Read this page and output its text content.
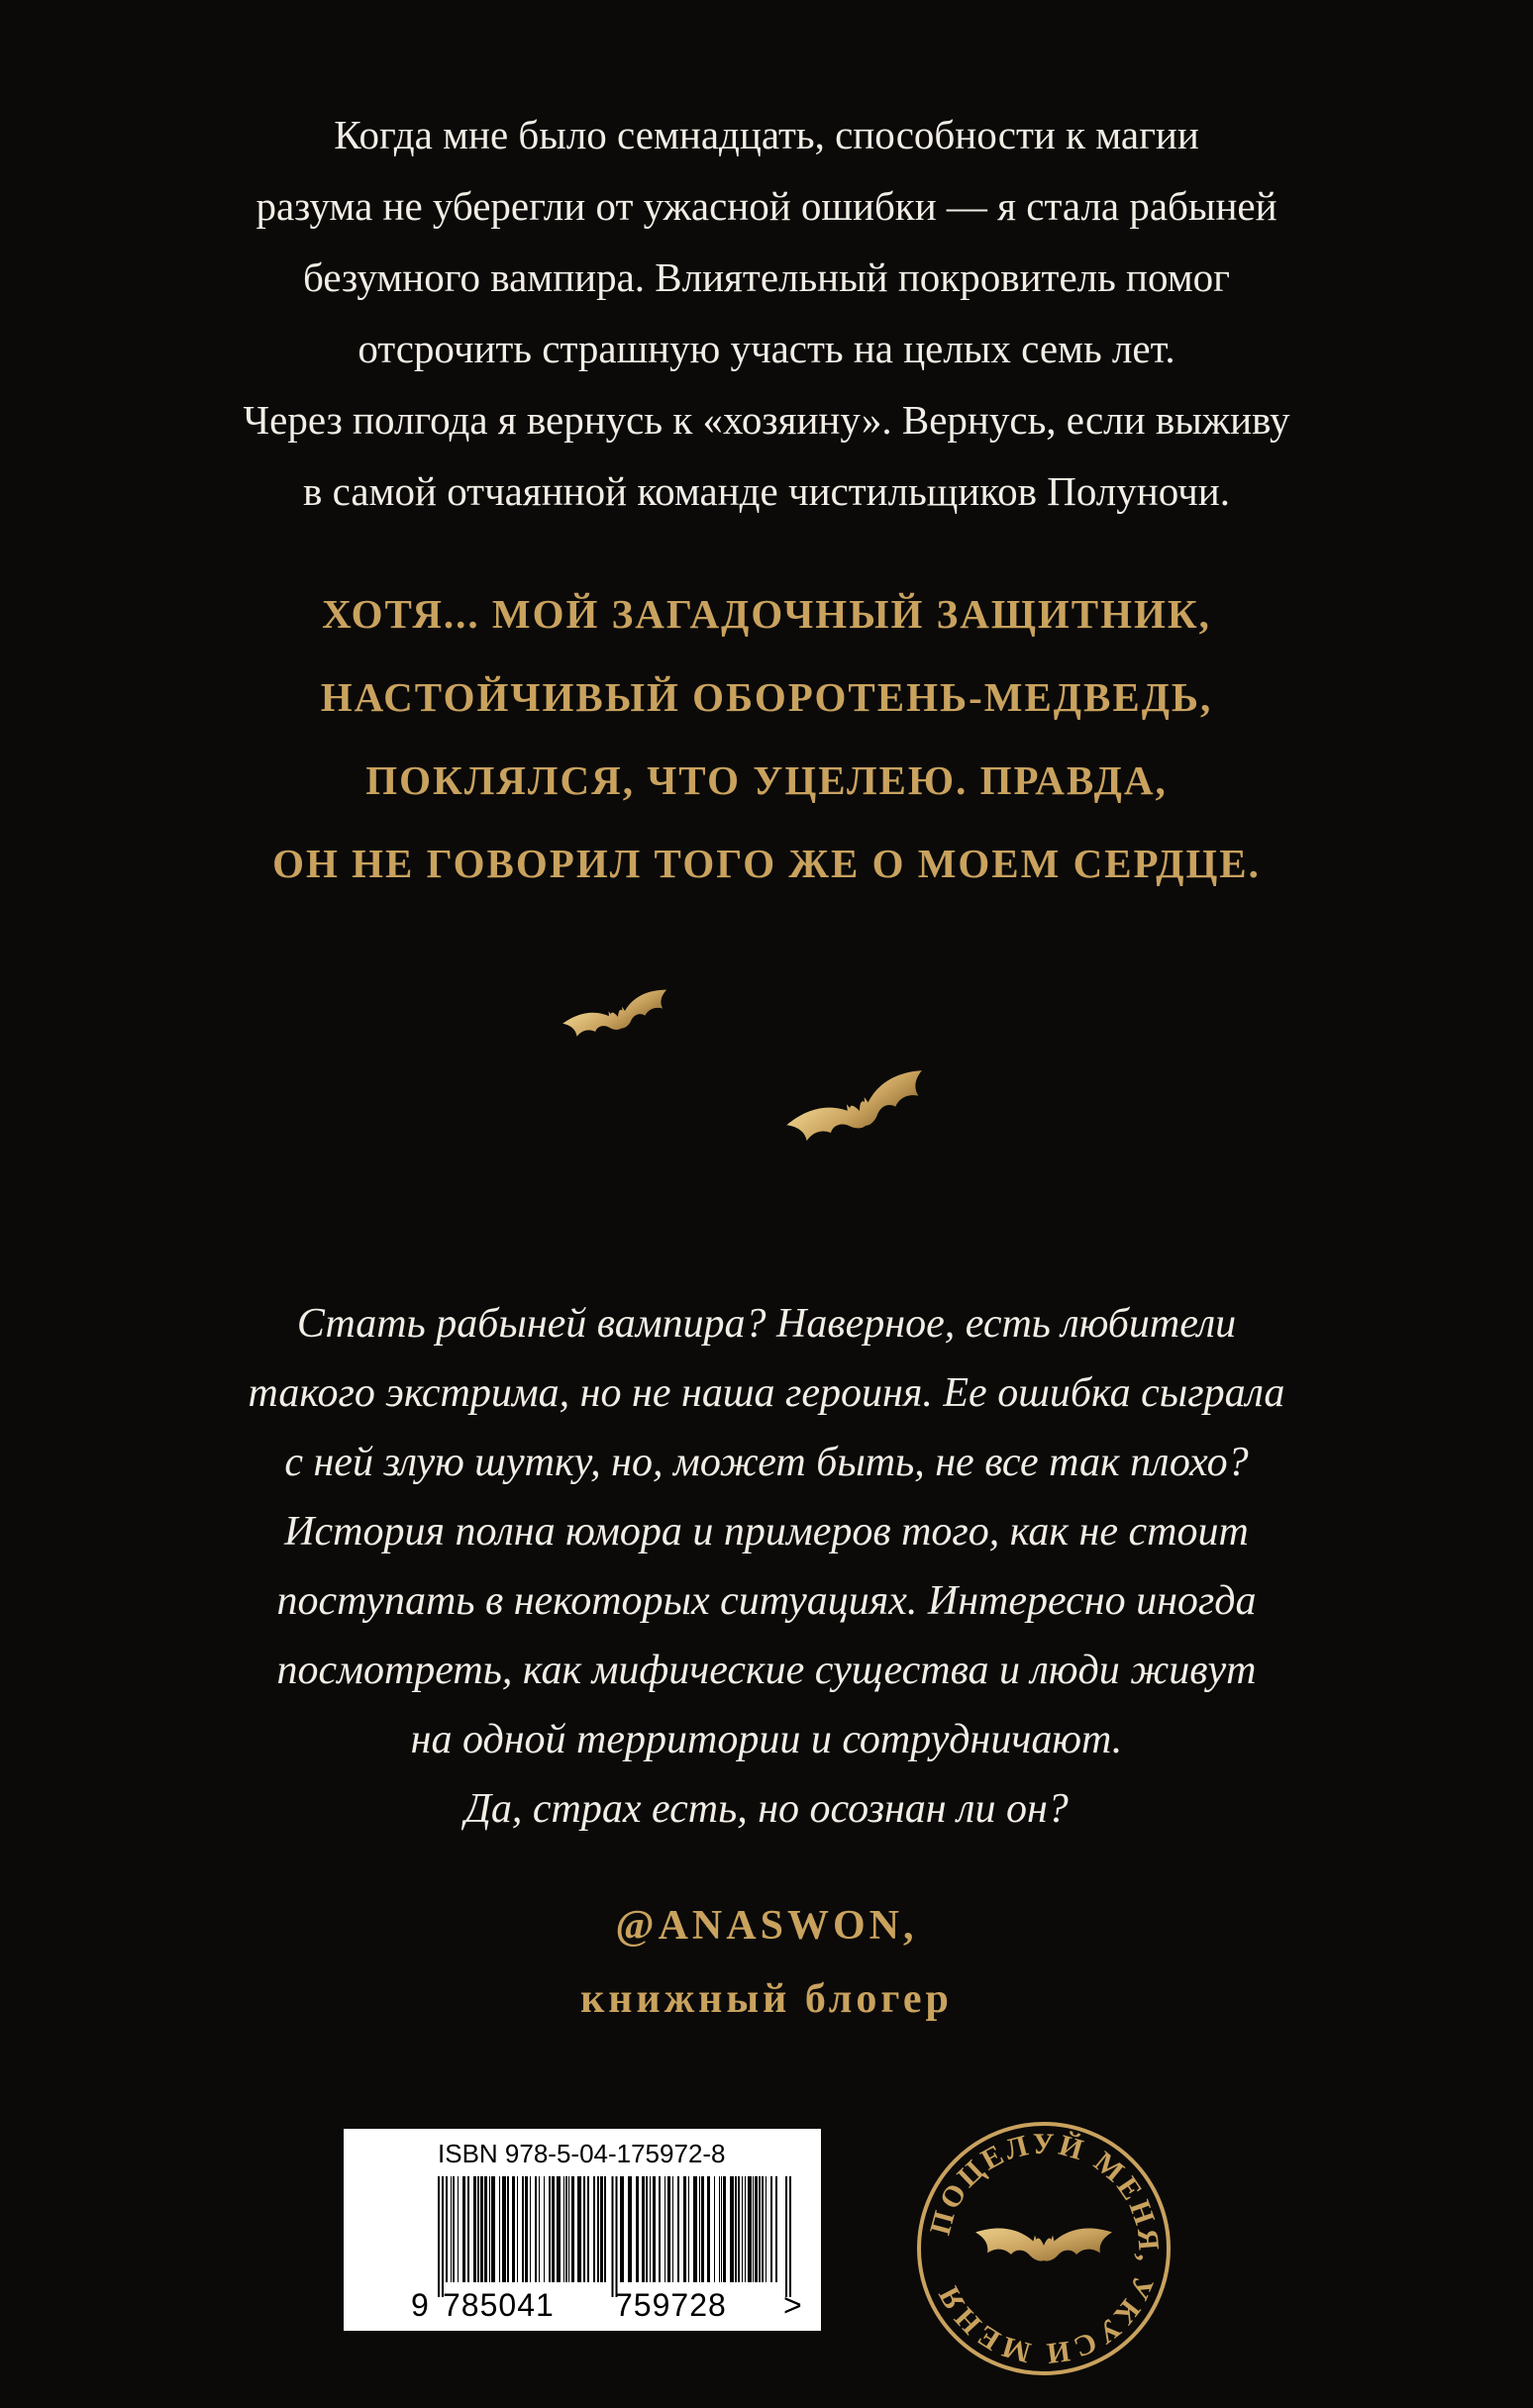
Когда мне было семнадцать, способности к магии
разума не уберегли от ужасной ошибки — я стала рабыней
безумного вампира. Влиятельный покровитель помог
отсрочить страшную участь на целых семь лет.
Через полгода я вернусь к «хозяину». Вернусь, если выживу
в самой отчаянной команде чистильщиков Полуночи.
ХОТЯ... МОЙ ЗАГАДОЧНЫЙ ЗАЩИТНИК,
НАСТОЙЧИВЫЙ ОБОРОТЕНЬ-МЕДВЕДЬ,
ПОКЛЯЛСЯ, ЧТО УЦЕЛЕЮ. ПРАВДА,
ОН НЕ ГОВОРИЛ ТОГО ЖЕ О МОЕМ СЕРДЦЕ.
Стать рабыней вампира? Наверное, есть любители
такого экстрима, но не наша героиня. Ее ошибка сыграла
с ней злую шутку, но, может быть, не все так плохо?
История полна юмора и примеров того, как не стоит
поступать в некоторых ситуациях. Интересно иногда
посмотреть, как мифические существа и люди живут
на одной территории и сотрудничают.
Да, страх есть, но осознан ли он?
@ANASWON,
книжный блогер
ISBN 978-5-04-175972-8
9 785041 759728 >
ПОЦЕЛУЙ МЕНЯ, УКУСИ МЕНЯ
